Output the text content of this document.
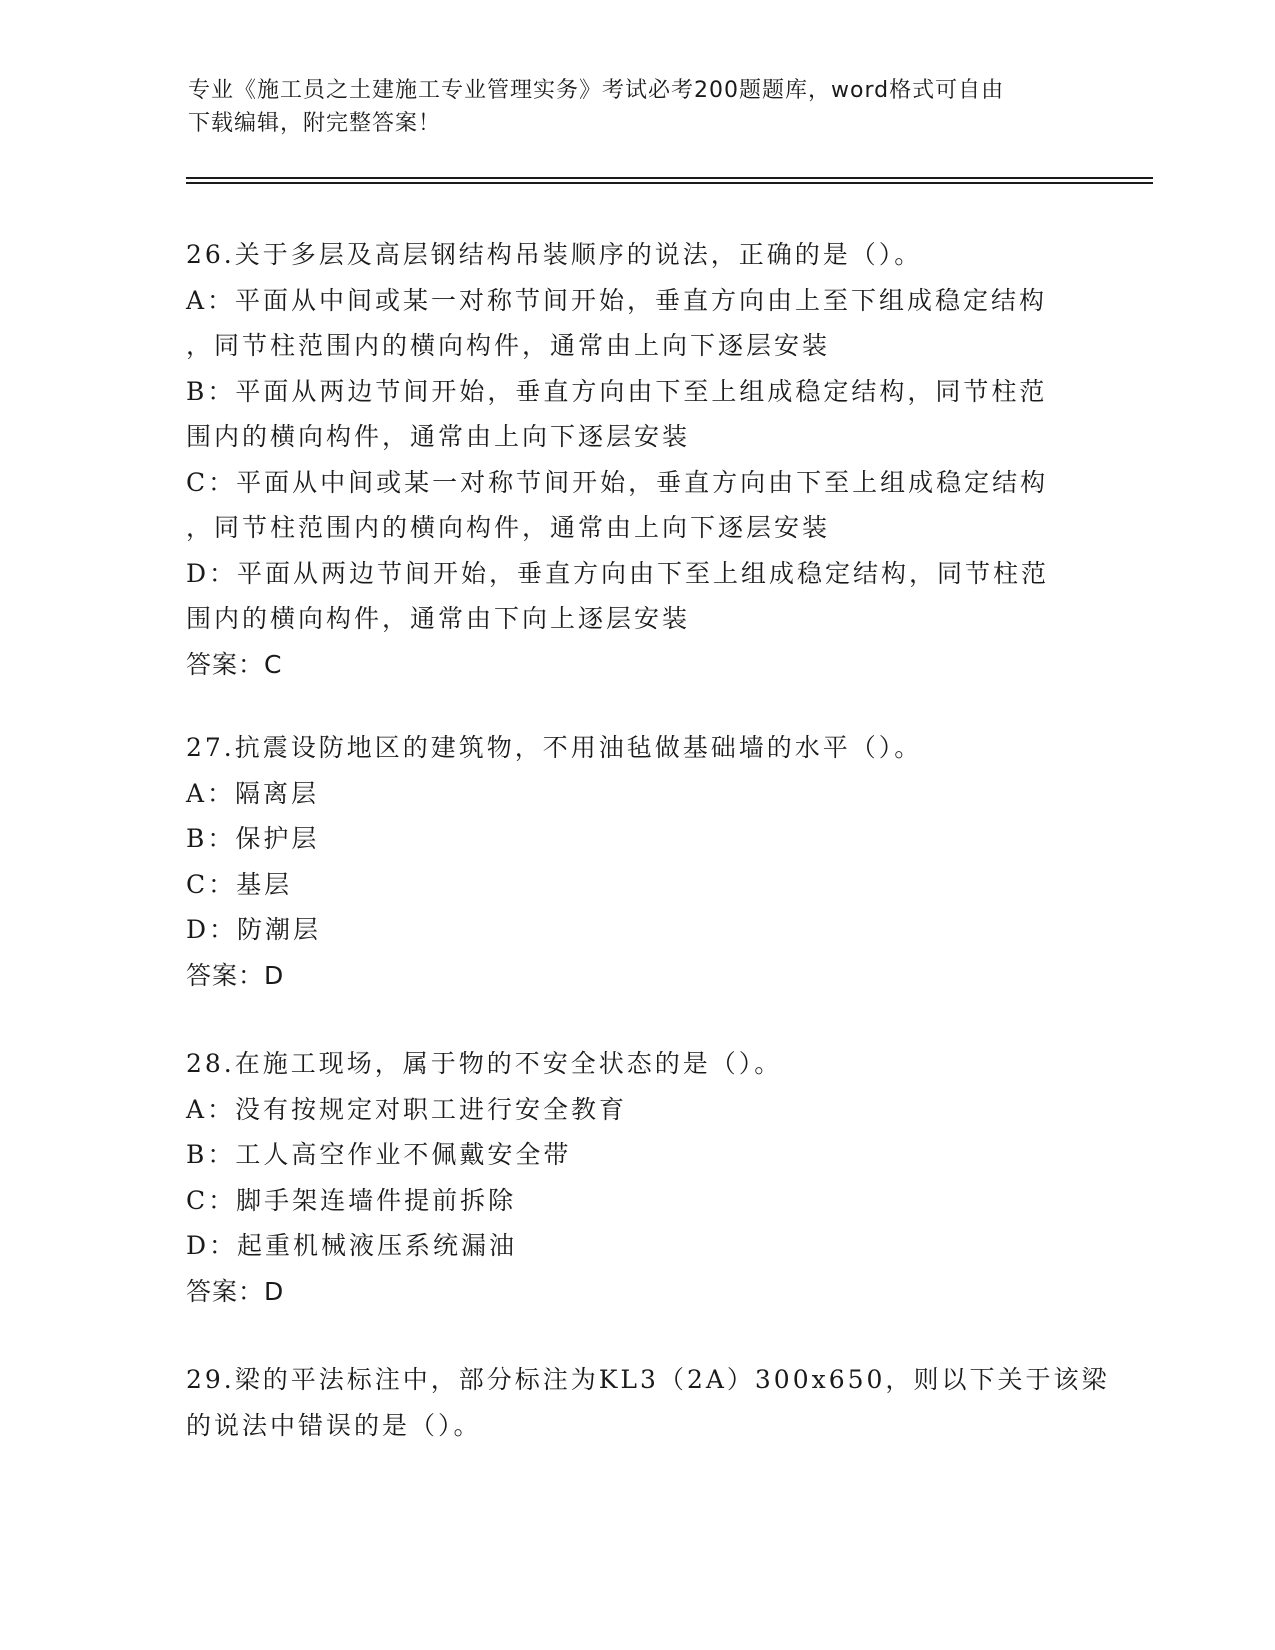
专业《施工员之土建施工专业管理实务》考试必考200题题库，word格式可自由
下载编辑，附完整答案！
26.关于多层及高层钢结构吊装顺序的说法，正确的是（）。
A：平面从中间或某一对称节间开始，垂直方向由上至下组成稳定结构
，同节柱范围内的横向构件，通常由上向下逐层安装
B：平面从两边节间开始，垂直方向由下至上组成稳定结构，同节柱范
围内的横向构件，通常由上向下逐层安装
C：平面从中间或某一对称节间开始，垂直方向由下至上组成稳定结构
，同节柱范围内的横向构件，通常由上向下逐层安装
D：平面从两边节间开始，垂直方向由下至上组成稳定结构，同节柱范
围内的横向构件，通常由下向上逐层安装
答案：C
27.抗震设防地区的建筑物，不用油毡做基础墙的水平（）。
A：隔离层
B：保护层
C：基层
D：防潮层
答案：D
28.在施工现场，属于物的不安全状态的是（）。
A：没有按规定对职工进行安全教育
B：工人高空作业不佩戴安全带
C：脚手架连墙件提前拆除
D：起重机械液压系统漏油
答案：D
29.梁的平法标注中，部分标注为KL3（2A）300x650，则以下关于该梁
的说法中错误的是（）。
